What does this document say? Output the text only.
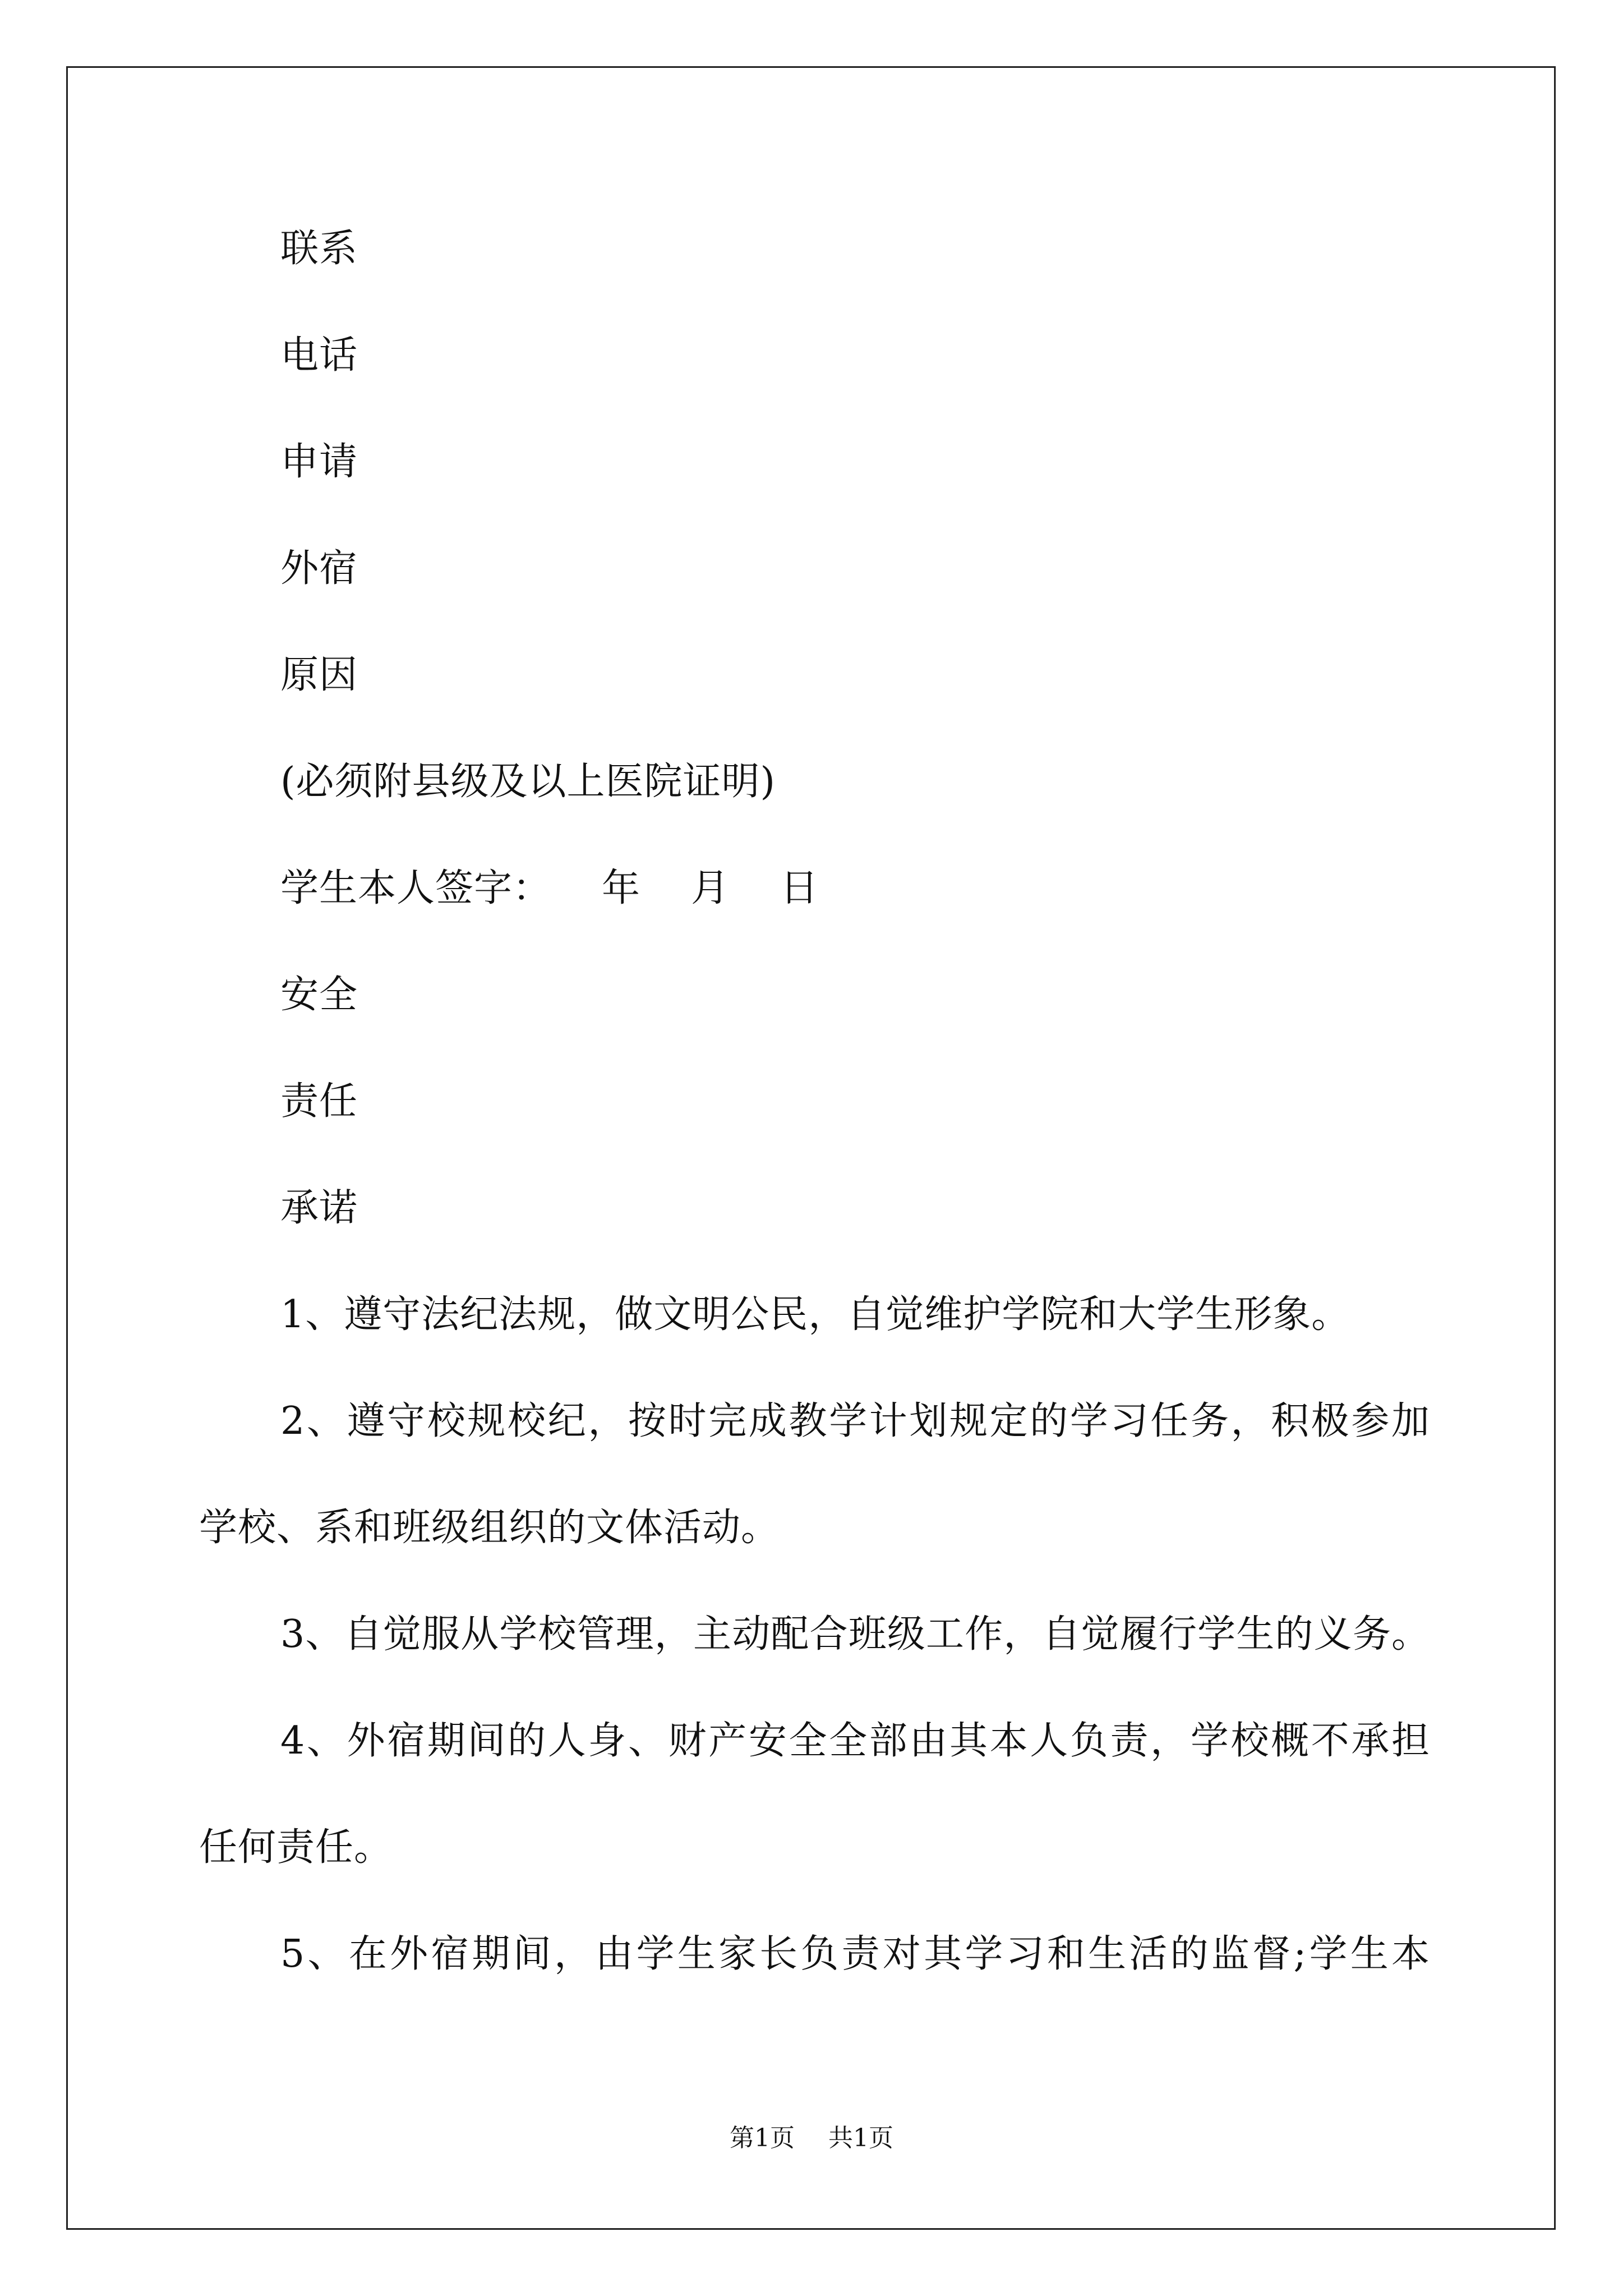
联系
电话
申请
外宿
原因
(必须附县级及以上医院证明)
学生本人签字： 年 月 日
安全
责任
承诺
1、遵守法纪法规，做文明公民，自觉维护学院和大学生形象。
2、遵守校规校纪，按时完成教学计划规定的学习任务，积极参加
学校、系和班级组织的文体活动。
3、自觉服从学校管理，主动配合班级工作，自觉履行学生的义务。
4、外宿期间的人身、财产安全全部由其本人负责，学校概不承担
任何责任。
5、在外宿期间，由学生家长负责对其学习和生活的监督;学生本
第1页 共1页
